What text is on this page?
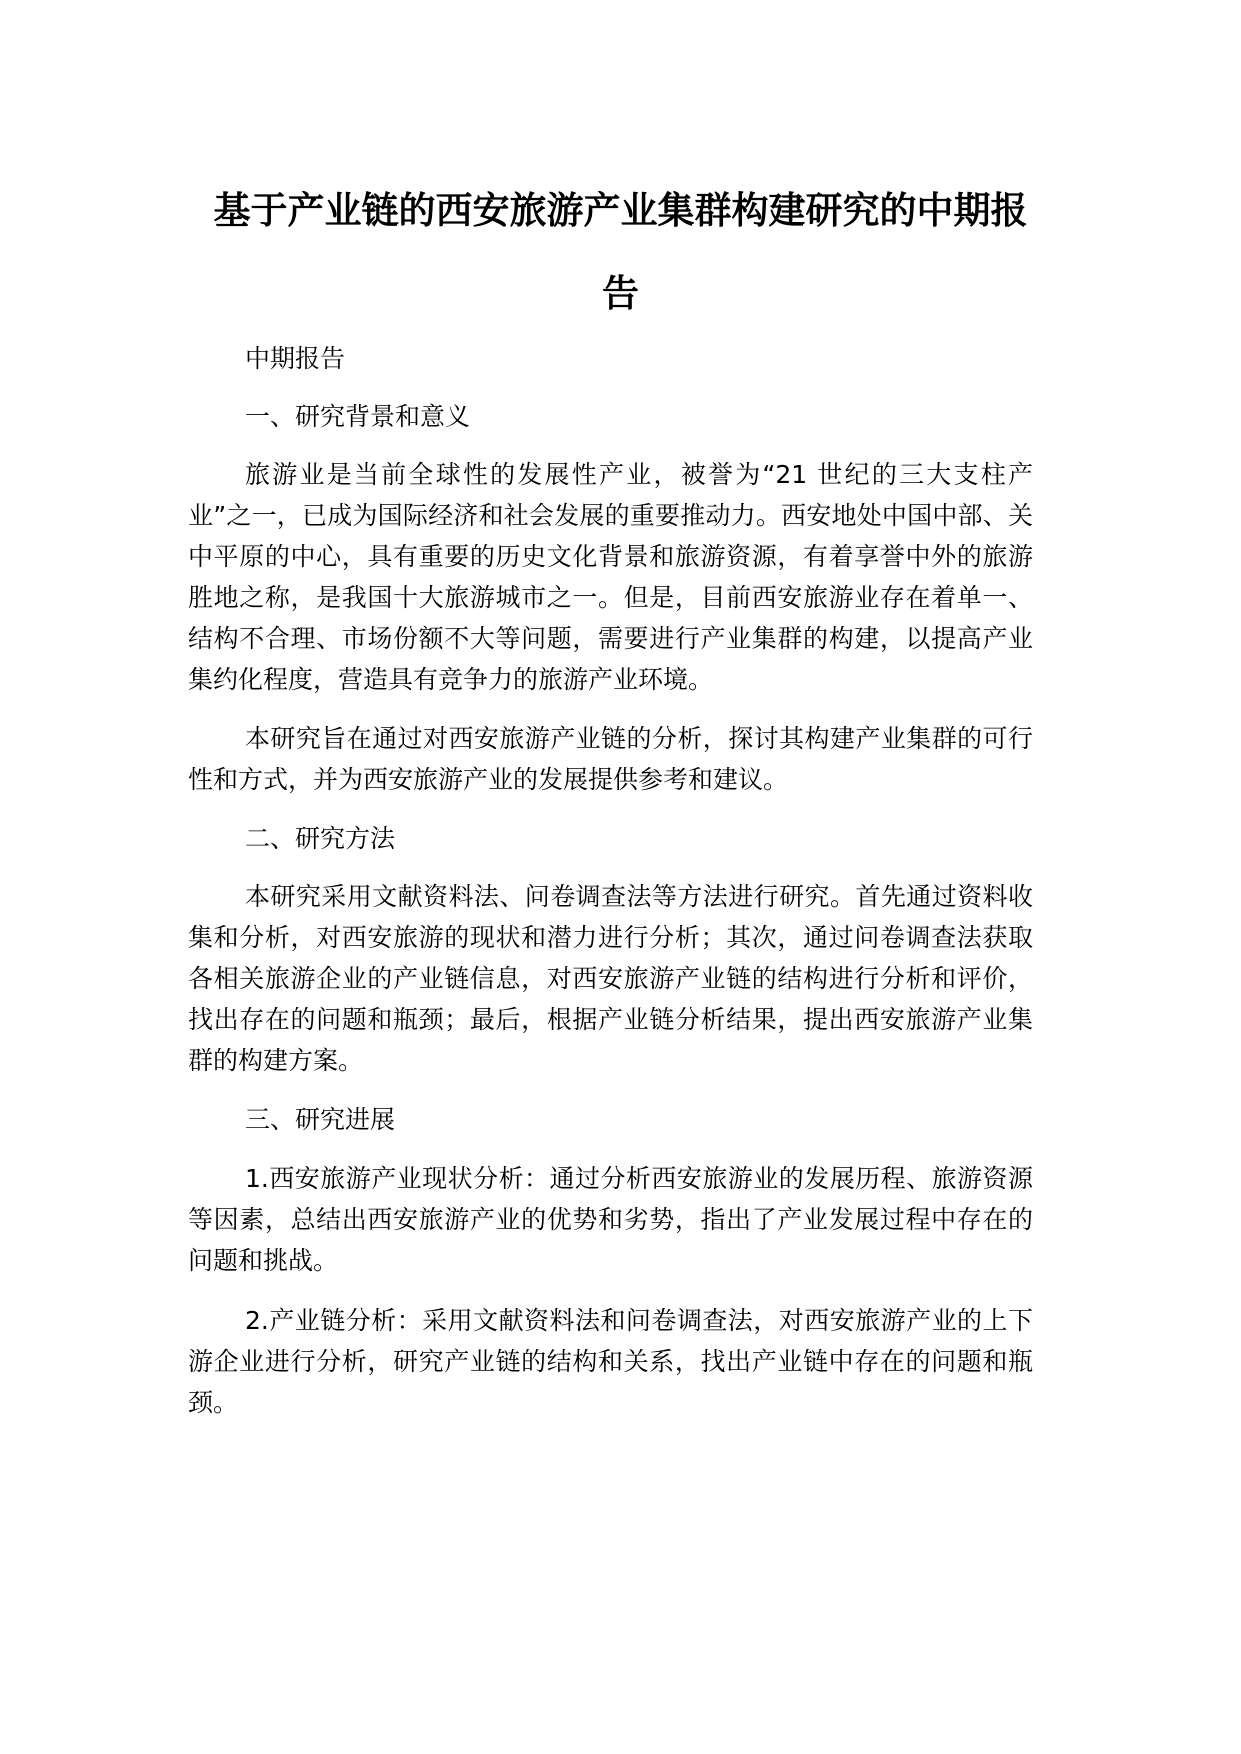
基于产业链的西安旅游产业集群构建研究的中期报
告
中期报告
一、研究背景和意义
旅游业是当前全球性的发展性产业，被誉为“21 世纪的三大支柱产业”之一，已成为国际经济和社会发展的重要推动力。西安地处中国中部、关中平原的中心，具有重要的历史文化背景和旅游资源，有着享誉中外的旅游胜地之称，是我国十大旅游城市之一。但是，目前西安旅游业存在着单一、结构不合理、市场份额不大等问题，需要进行产业集群的构建，以提高产业集约化程度，营造具有竞争力的旅游产业环境。
本研究旨在通过对西安旅游产业链的分析，探讨其构建产业集群的可行性和方式，并为西安旅游产业的发展提供参考和建议。
二、研究方法
本研究采用文献资料法、问卷调查法等方法进行研究。首先通过资料收集和分析，对西安旅游的现状和潜力进行分析；其次，通过问卷调查法获取各相关旅游企业的产业链信息，对西安旅游产业链的结构进行分析和评价，找出存在的问题和瓶颈；最后，根据产业链分析结果，提出西安旅游产业集群的构建方案。
三、研究进展
1.西安旅游产业现状分析：通过分析西安旅游业的发展历程、旅游资源等因素，总结出西安旅游产业的优势和劣势，指出了产业发展过程中存在的问题和挑战。
2.产业链分析：采用文献资料法和问卷调查法，对西安旅游产业的上下游企业进行分析，研究产业链的结构和关系，找出产业链中存在的问题和瓶颈。
